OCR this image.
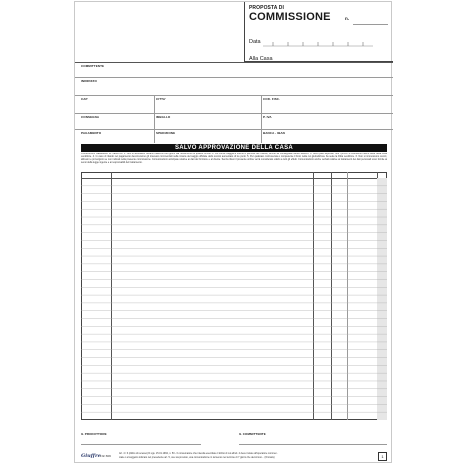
PROPOSTA DI
COMMISSIONE	n.
Data
Alla Casa
COMMITTENTE
INDIRIZZO
CAP	CITTA'	COD. FISC.
CONSEGNA	IMBALLO	P. IVA
PAGAMENTO	SPEDIZIONE	BANCA - IBAN
SALVO APPROVAZIONE DELLA CASA
CONDIZIONI GENERALI DI VENDITA: 1. Non si accettano reclami trascorsi otto giorni dal ricevimento di quanto fornito. 2. La merce viaggia a rischio e pericolo del Cliente, anche se consegnata franco destino. 3. Sono patti espressi: tutti i prezzi si intendono franco sede della Ditta venditrice. 4. In caso di ritardo nel pagamento decorreranno gli interessi commerciali nella misura del saggio ufficiale dello sconto aumentato di tre punti. 5. Per qualsiasi controversia è competente il Foro nella cui giurisdizione ha sede la Ditta venditrice. 6. Non si riconoscono sconti, abbuoni e provvigioni se non indicati nella presente commissione. Comunicazioni anticipate relative ai dati del fornitore e al cliente. Senza rilievi il presente ordine verrà considerato valido a tutti gli effetti. Comunicazioni anche verbali relative ai trattamenti dei dati personali sono fornite ai sensi della legge vigente e ai responsabili del trattamento.
IL PRODUTTORE	IL COMMITTENTE
Giuffre CR 369
Art. 4 / 6 (diritto di recesso) D.Lgs. 15.01.1992, n. 50 - Il consumatore che intenda esercitare il diritto di cui all'art. 4 deve inviare all'operatore commer-
ciale o al soggetto indicato nel precedente art. 5, ove sia previsto, una comunicazione in tal senso nel termine di 7 giorni che decorrono... (Omissis)	1
